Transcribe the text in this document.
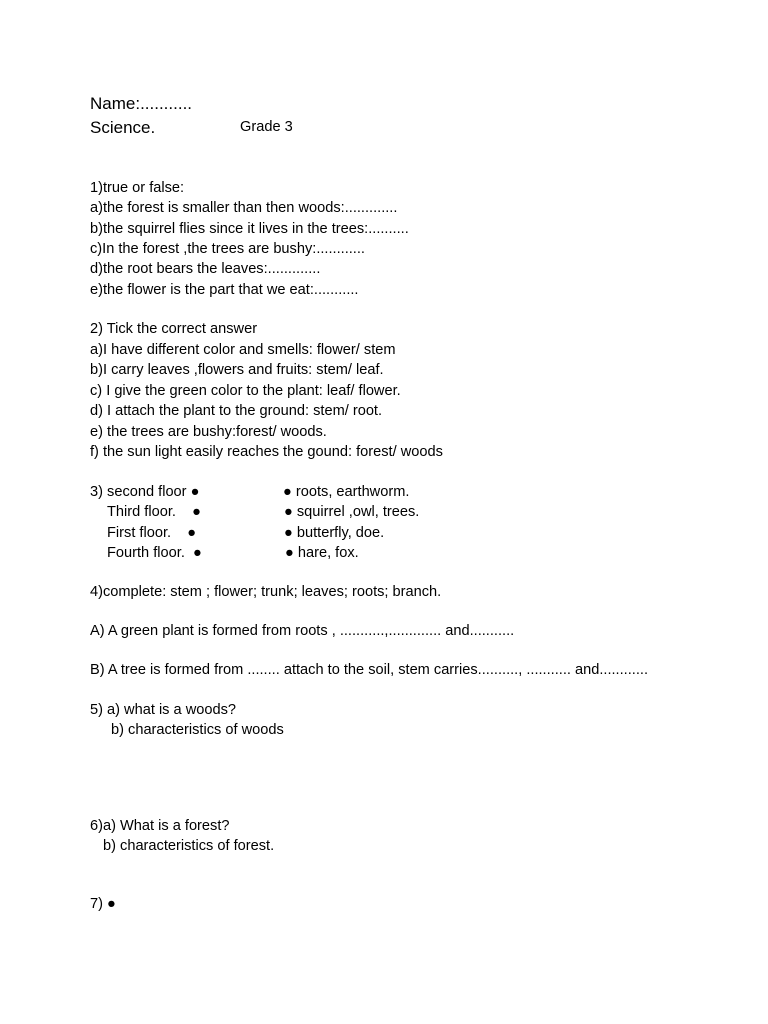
Name:...........
Science.	Grade 3
1)true or false:
a)the forest is smaller than then woods:.............
b)the squirrel flies since it lives in the trees:..........
c)In the forest ,the trees are bushy:............
d)the root bears the leaves:.............
e)the flower is the part that we eat:...........
2) Tick the correct answer
a)I have different color and smells: flower/ stem
b)I carry leaves ,flowers and fruits: stem/ leaf.
c) I give the green color to the plant: leaf/ flower.
d) I attach the plant to the ground: stem/ root.
e) the trees are bushy:forest/ woods.
f) the sun light easily reaches the gound: forest/ woods
3) second floor ●
Third floor.    ●
First floor.    ●
Fourth floor.  ●
● roots, earthworm.
● squirrel ,owl, trees.
● butterfly, doe.
● hare, fox.
4)complete: stem ; flower; trunk; leaves; roots; branch.
A) A green plant is formed from roots , ...........,............. and...........
B) A tree is formed from ........ attach to the soil, stem carries.........., ........... and............
5) a) what is a woods?
b) characteristics of woods
6)a) What is a forest?
b) characteristics of forest.
7) ●
